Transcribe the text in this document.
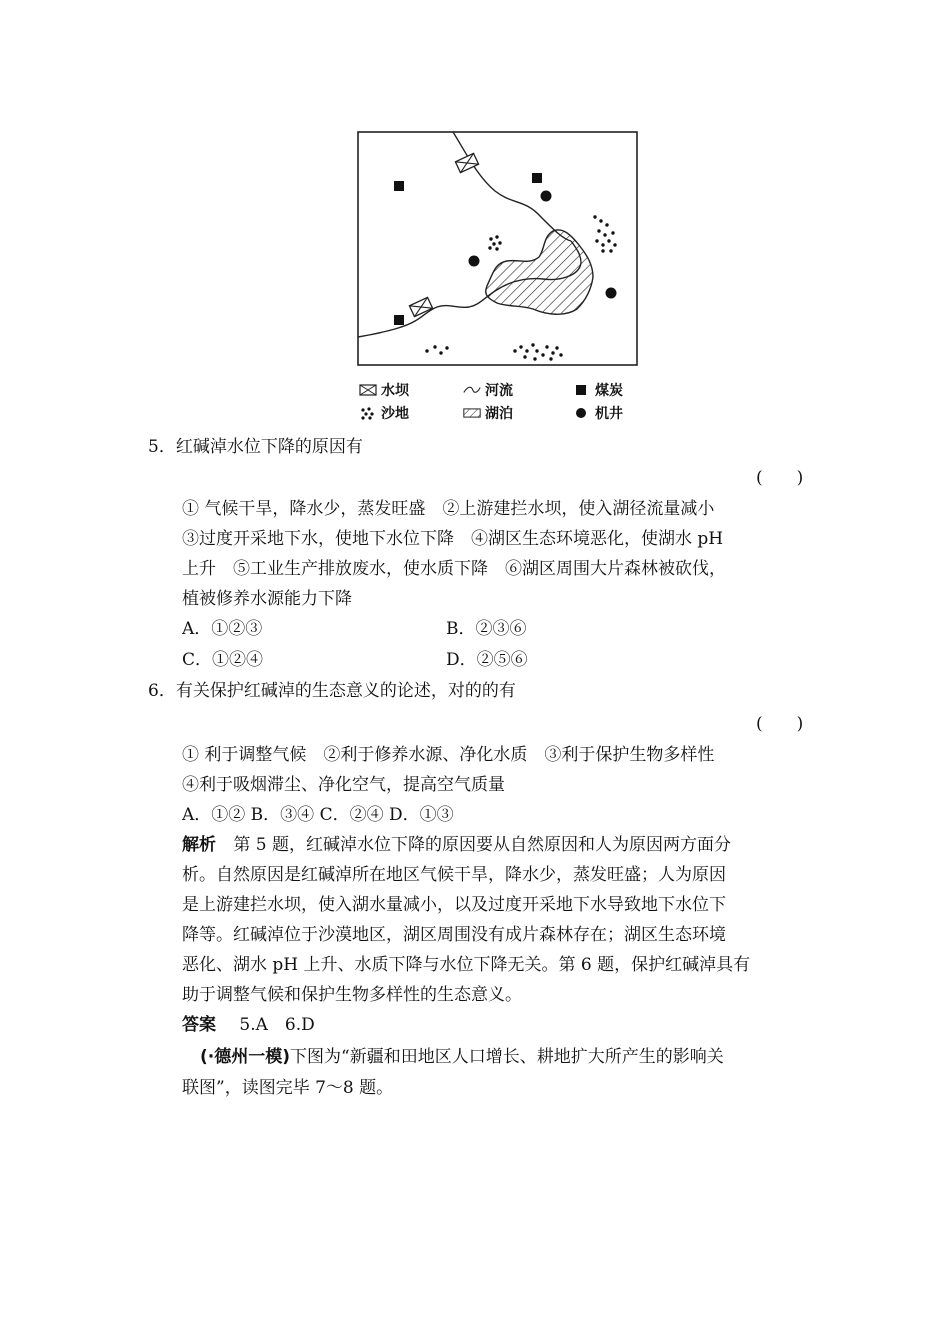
水坝	河流	煤炭
沙地	湖泊	机井
5．红碱淖水位下降的原因有
(　　)
① 气候干旱，降水少，蒸发旺盛　②上游建拦水坝，使入湖径流量减小
③过度开采地下水，使地下水位下降　④湖区生态环境恶化，使湖水 pH
上升　⑤工业生产排放废水，使水质下降　⑥湖区周围大片森林被砍伐，
植被修养水源能力下降
A．①②③	B．②③⑥
C．①②④	D．②⑤⑥
6．有关保护红碱淖的生态意义的论述，对的的有
(　　)
① 利于调整气候　②利于修养水源、净化水质　③利于保护生物多样性
④利于吸烟滞尘、净化空气，提高空气质量
A．①② B．③④ C．②④ D．①③
解析 第 5 题，红碱淖水位下降的原因要从自然原因和人为原因两方面分
析。自然原因是红碱淖所在地区气候干旱，降水少，蒸发旺盛；人为原因
是上游建拦水坝，使入湖水量减小，以及过度开采地下水导致地下水位下
降等。红碱淖位于沙漠地区，湖区周围没有成片森林存在；湖区生态环境
恶化、湖水 pH 上升、水质下降与水位下降无关。第 6 题，保护红碱淖具有
助于调整气候和保护生物多样性的生态意义。
答案 5.A　6.D
(·德州一模)下图为“新疆和田地区人口增长、耕地扩大所产生的影响关
联图”，读图完毕 7～8 题。
